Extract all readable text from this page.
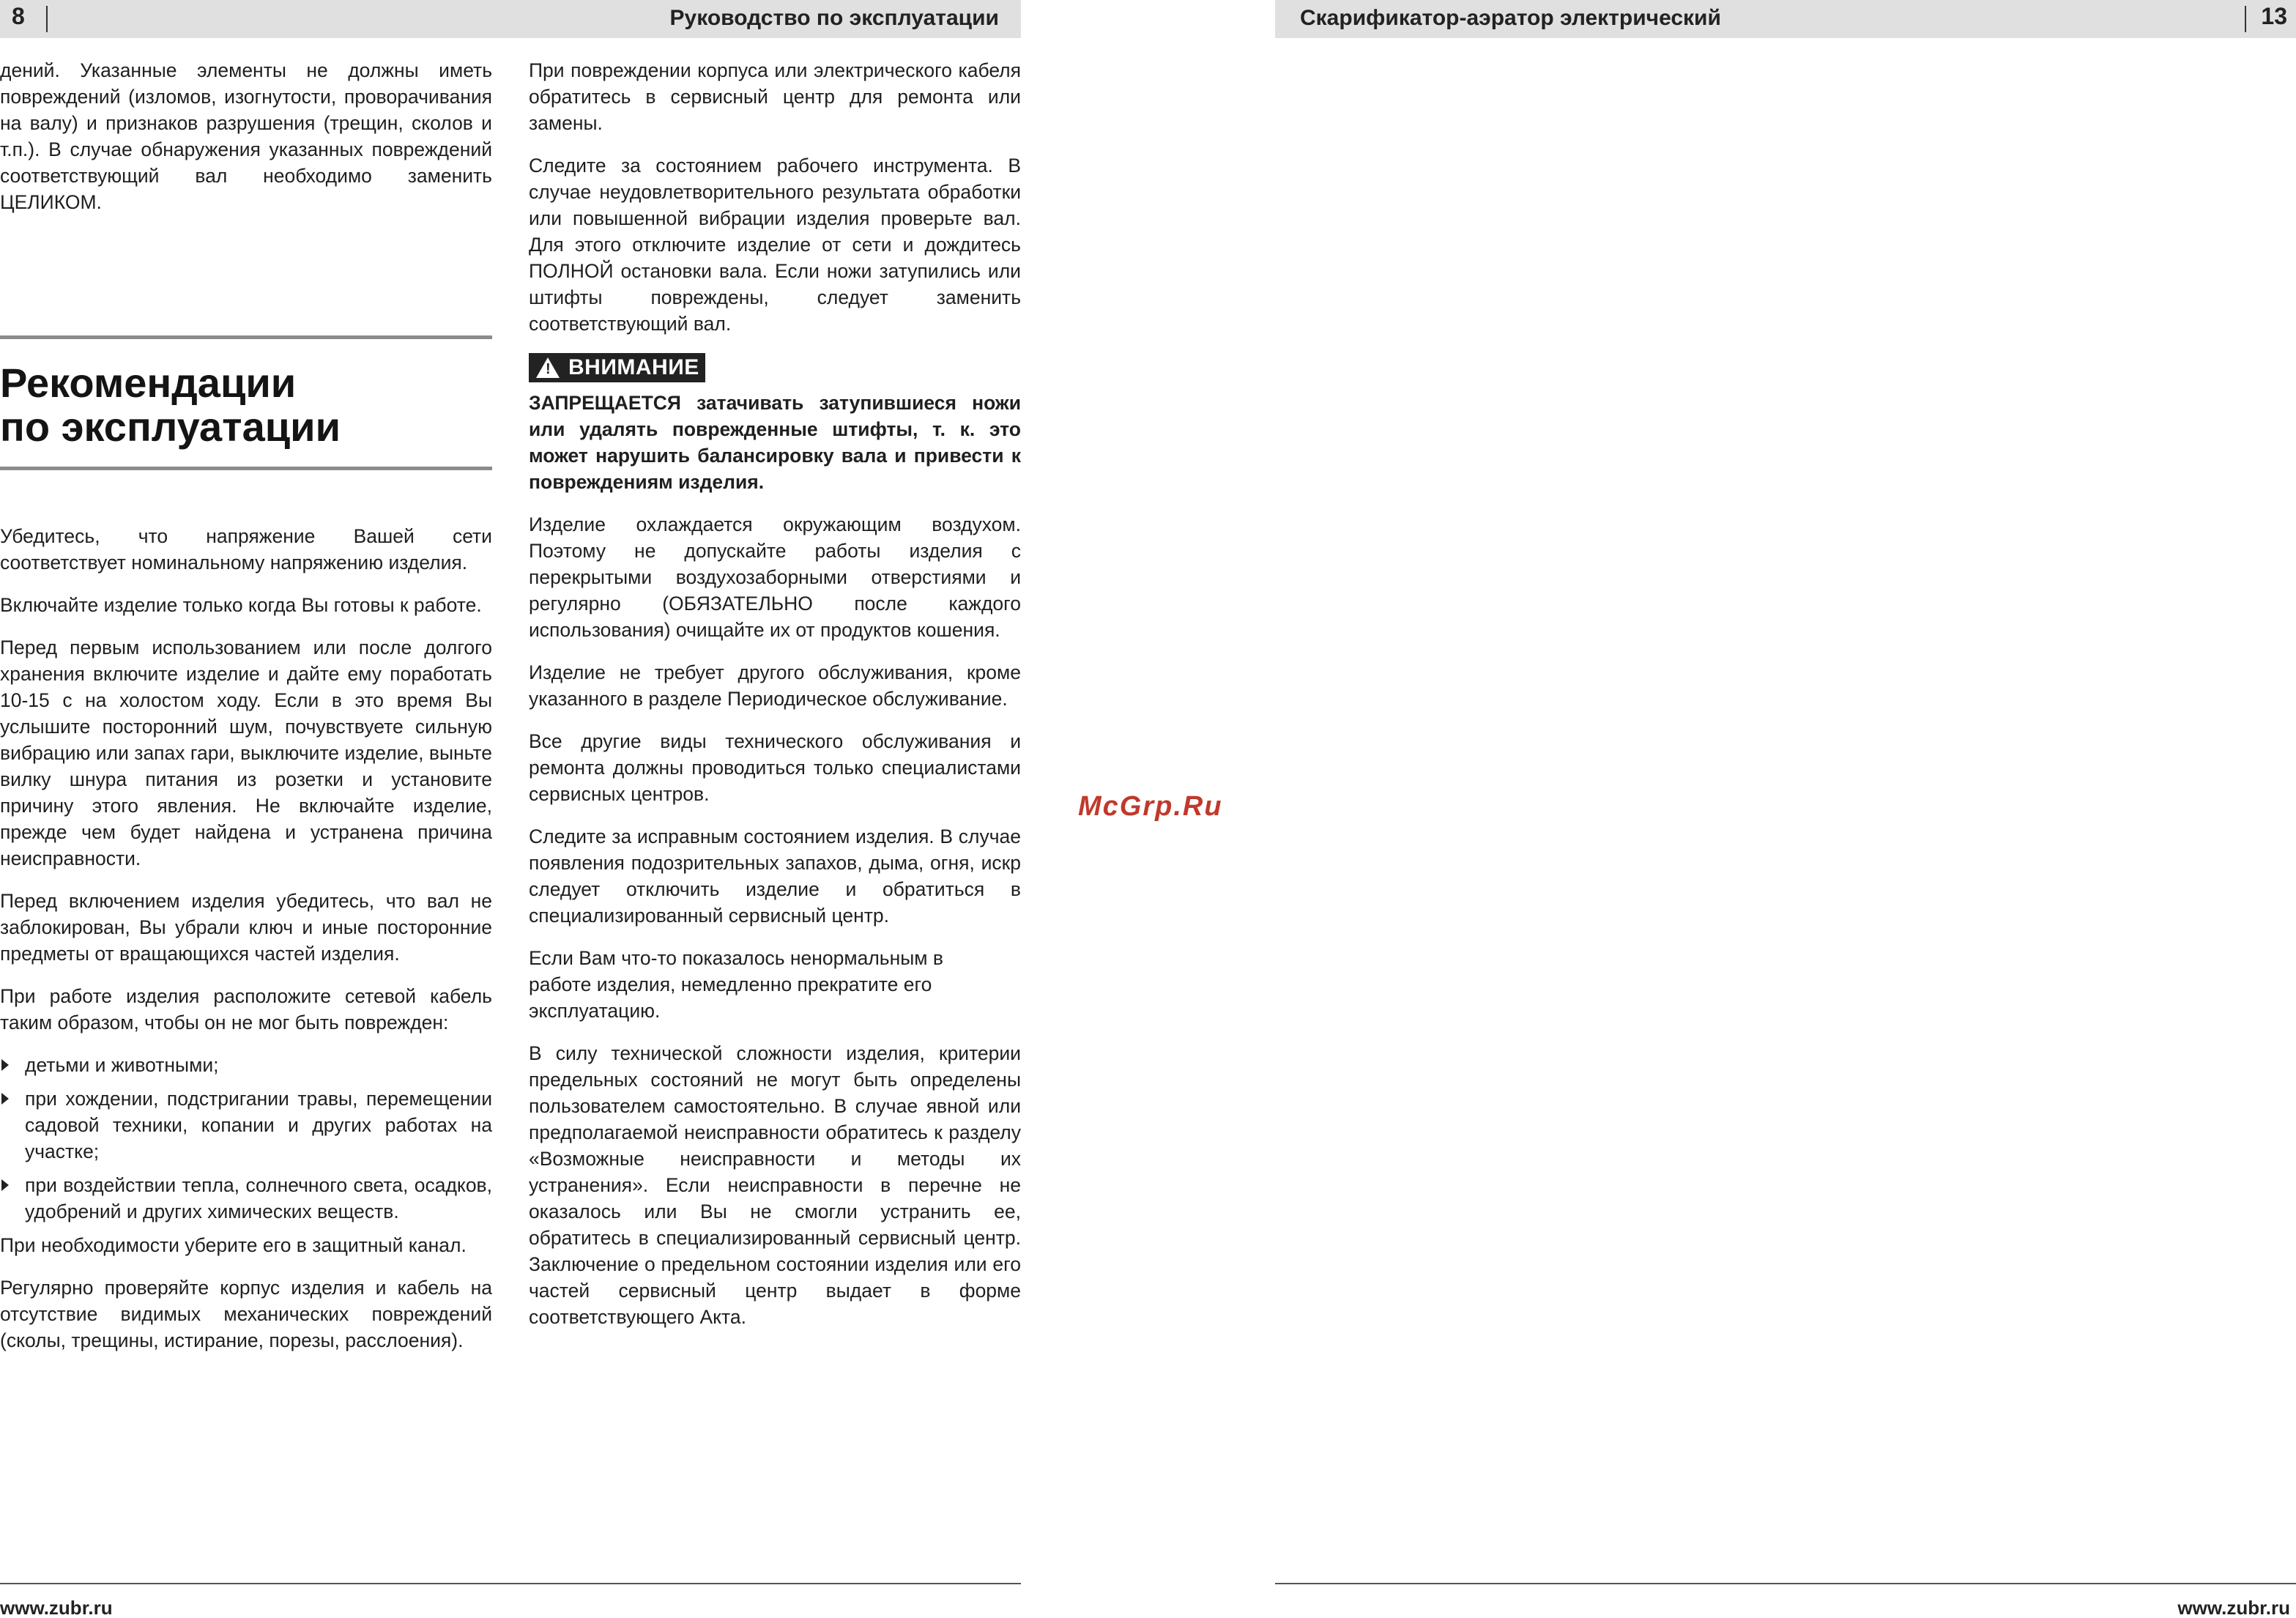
8	Руководство по эксплуатации	Скарификатор-аэратор электрический	13

дений. Указанные элементы не должны иметь повреждений (изломов, изогнутости, проворачивания на валу) и признаков разрушения (трещин, сколов и т.п.). В случае обнаружения указанных повреждений соответствующий вал необходимо заменить ЦЕЛИКОМ.

Рекомендации
по эксплуатации

Убедитесь, что напряжение Вашей сети соответствует номинальному напряжению изделия.

Включайте изделие только когда Вы готовы к работе.

Перед первым использованием или после долгого хранения включите изделие и дайте ему поработать 10-15 с на холостом ходу. Если в это время Вы услышите посторонний шум, почувствуете сильную вибрацию или запах гари, выключите изделие, выньте вилку шнура питания из розетки и установите причину этого явления. Не включайте изделие, прежде чем будет найдена и устранена причина неисправности.

Перед включением изделия убедитесь, что вал не заблокирован, Вы убрали ключ и иные посторонние предметы от вращающихся частей изделия.

При работе изделия расположите сетевой кабель таким образом, чтобы он не мог быть поврежден:

детьми и животными;
при хождении, подстригании травы, перемещении садовой техники, копании и других работах на участке;
при воздействии тепла, солнечного света, осадков, удобрений и других химических веществ.

При необходимости уберите его в защитный канал.

Регулярно проверяйте корпус изделия и кабель на отсутствие видимых механических повреждений (сколы, трещины, истирание, порезы, расслоения).

При повреждении корпуса или электрического кабеля обратитесь в сервисный центр для ремонта или замены.

Следите за состоянием рабочего инструмента. В случае неудовлетворительного результата обработки или повышенной вибрации изделия проверьте вал. Для этого отключите изделие от сети и дождитесь ПОЛНОЙ остановки вала. Если ножи затупились или штифты повреждены, следует заменить соответствующий вал.

! ВНИМАНИЕ

ЗАПРЕЩАЕТСЯ затачивать затупившиеся ножи или удалять поврежденные штифты, т. к. это может нарушить балансировку вала и привести к повреждениям изделия.

Изделие охлаждается окружающим воздухом. Поэтому не допускайте работы изделия с перекрытыми воздухозаборными отверстиями и регулярно (ОБЯЗАТЕЛЬНО после каждого использования) очищайте их от продуктов кошения.

Изделие не требует другого обслуживания, кроме указанного в разделе Периодическое обслуживание.

Все другие виды технического обслуживания и ремонта должны проводиться только специалистами сервисных центров.

Следите за исправным состоянием изделия. В случае появления подозрительных запахов, дыма, огня, искр следует отключить изделие и обратиться в специализированный сервисный центр.

Если Вам что-то показалось ненормальным в работе изделия, немедленно прекратите его эксплуатацию.

В силу технической сложности изделия, критерии предельных состояний не могут быть определены пользователем самостоятельно. В случае явной или предполагаемой неисправности обратитесь к разделу «Возможные неисправности и методы их устранения». Если неисправности в перечне не оказалось или Вы не смогли устранить ее, обратитесь в специализированный сервисный центр. Заключение о предельном состоянии изделия или его частей сервисный центр выдает в форме соответствующего Акта.

McGrp.Ru
www.zubr.ru	www.zubr.ru
